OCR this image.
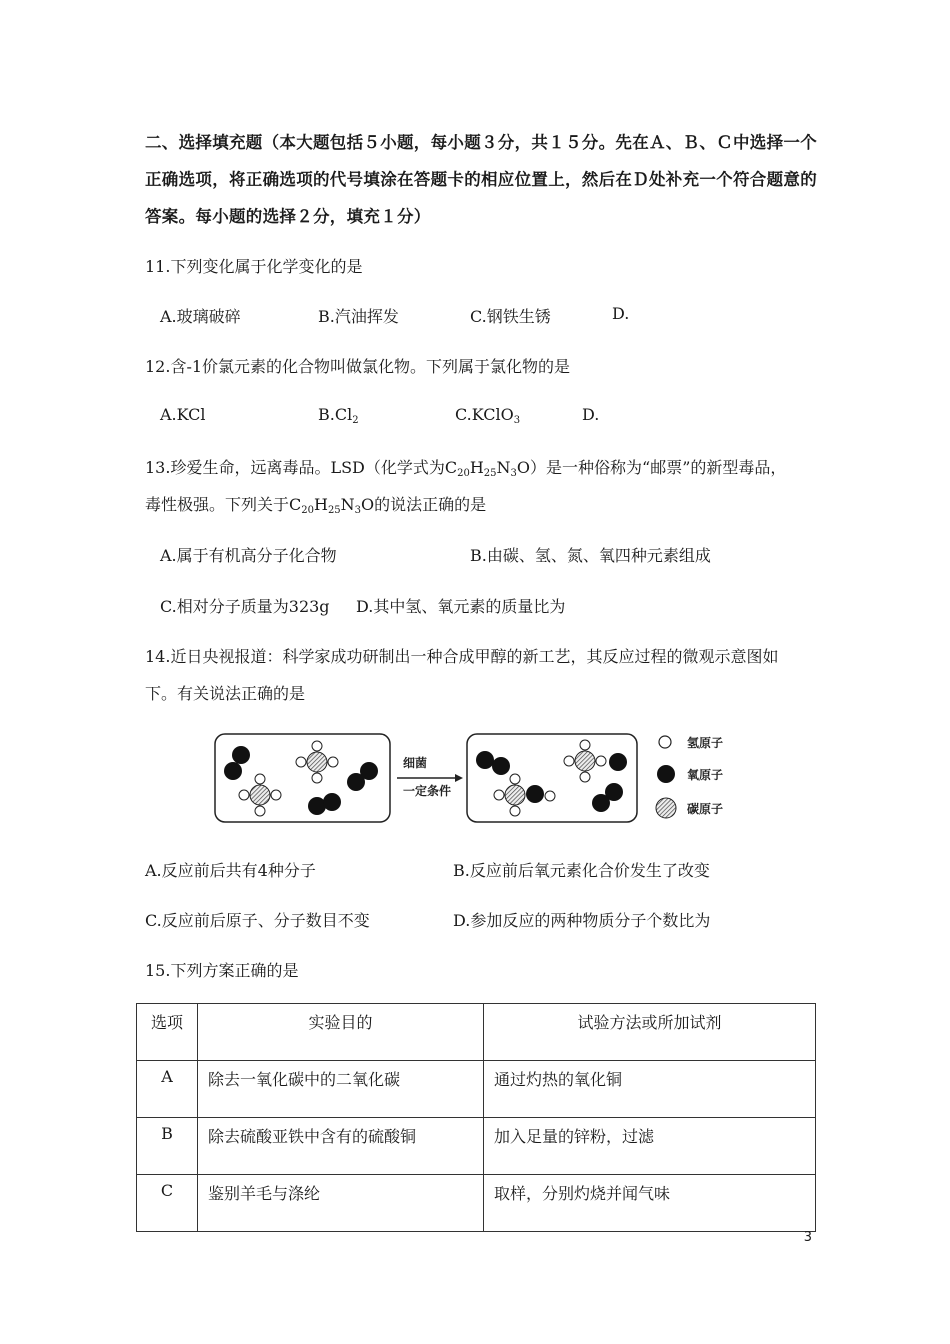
二、选择填充题（本大题包括５小题，每小题３分，共１５分。先在Ａ、Ｂ、Ｃ中选择一个正确选项，将正确选项的代号填涂在答题卡的相应位置上，然后在Ｄ处补充一个符合题意的答案。每小题的选择２分，填充１分）
11.下列变化属于化学变化的是
A.玻璃破碎	B.汽油挥发	C.钢铁生锈	D.
12.含-1价氯元素的化合物叫做氯化物。下列属于氯化物的是
A.KCl	$B.Cl_2$	C.KClO$_3$	D.
13.珍爱生命，远离毒品。LSD（化学式为$C_{20}H_{25}N_3O$）是一种俗称为“邮票”的新型毒品，
毒性极强。下列关于$C_{20}H_{25}N_3O$的说法正确的是
A.属于有机高分子化合物	B.由碳、氢、氮、氧四种元素组成
C.相对分子质量为323g D.其中氢、氧元素的质量比为
14.近日央视报道：科学家成功研制出一种合成甲醇的新工艺，其反应过程的微观示意图如
下。有关说法正确的是
细菌
一定条件
氢原子
氧原子
碳原子
A.反应前后共有4种分子	B.反应前后氧元素化合价发生了改变
C.反应前后原子、分子数目不变	D.参加反应的两种物质分子个数比为
15.下列方案正确的是
选项	实验目的	试验方法或所加试剂
A	除去一氧化碳中的二氧化碳	通过灼热的氧化铜
B	除去硫酸亚铁中含有的硫酸铜	加入足量的锌粉，过滤
C	鉴别羊毛与涤纶	取样，分别灼烧并闻气味
3
